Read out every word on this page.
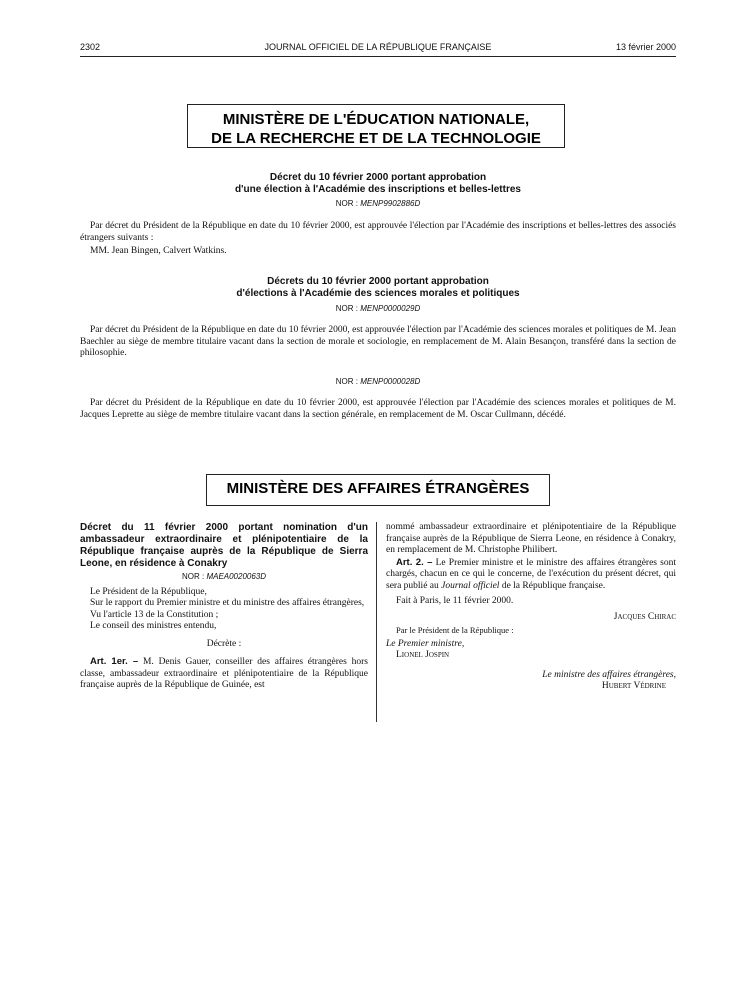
2302	JOURNAL OFFICIEL DE LA RÉPUBLIQUE FRANÇAISE	13 février 2000
MINISTÈRE DE L'ÉDUCATION NATIONALE,
DE LA RECHERCHE ET DE LA TECHNOLOGIE
Décret du 10 février 2000 portant approbation
d'une élection à l'Académie des inscriptions et belles-lettres
NOR : MENP9902886D
Par décret du Président de la République en date du 10 février 2000, est approuvée l'élection par l'Académie des inscriptions et belles-lettres des associés étrangers suivants :
MM. Jean Bingen, Calvert Watkins.
Décrets du 10 février 2000 portant approbation
d'élections à l'Académie des sciences morales et politiques
NOR : MENP0000029D
Par décret du Président de la République en date du 10 février 2000, est approuvée l'élection par l'Académie des sciences morales et politiques de M. Jean Baechler au siège de membre titulaire vacant dans la section de morale et sociologie, en remplacement de M. Alain Besançon, transféré dans la section de philosophie.
NOR : MENP0000028D
Par décret du Président de la République en date du 10 février 2000, est approuvée l'élection par l'Académie des sciences morales et politiques de M. Jacques Leprette au siège de membre titulaire vacant dans la section générale, en remplacement de M. Oscar Cullmann, décédé.
MINISTÈRE DES AFFAIRES ÉTRANGÈRES
Décret du 11 février 2000 portant nomination d'un ambassadeur extraordinaire et plénipotentiaire de la République française auprès de la République de Sierra Leone, en résidence à Conakry
NOR : MAEA0020063D

Le Président de la République,

Sur le rapport du Premier ministre et du ministre des affaires étrangères,

Vu l'article 13 de la Constitution ;

Le conseil des ministres entendu,

Décrète :

Art. 1er. – M. Denis Gauer, conseiller des affaires étrangères hors classe, ambassadeur extraordinaire et plénipotentiaire de la République française auprès de la République de Guinée, est

nommé ambassadeur extraordinaire et plénipotentiaire de la République française auprès de la République de Sierra Leone, en résidence à Conakry, en remplacement de M. Christophe Philibert.

Art. 2. – Le Premier ministre et le ministre des affaires étrangères sont chargés, chacun en ce qui le concerne, de l'exécution du présent décret, qui sera publié au Journal officiel de la République française.

Fait à Paris, le 11 février 2000.

Jacques Chirac

Par le Président de la République :

Le Premier ministre,

Lionel Jospin

Le ministre des affaires étrangères,

Hubert Védrine
